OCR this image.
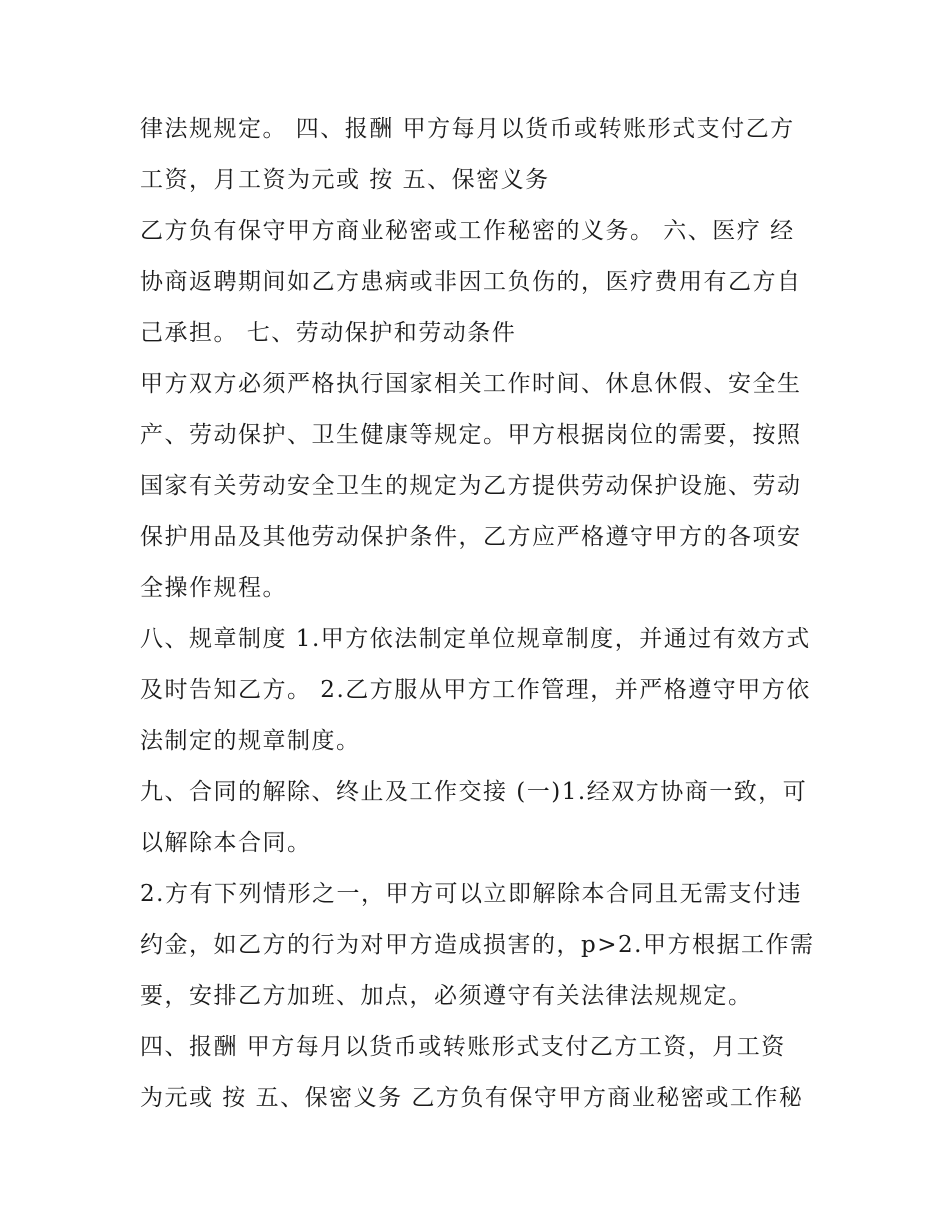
律法规规定。 四、报酬 甲方每月以货币或转账形式支付乙方
工资，月工资为元或 按 五、保密义务
乙方负有保守甲方商业秘密或工作秘密的义务。 六、医疗 经
协商返聘期间如乙方患病或非因工负伤的，医疗费用有乙方自
己承担。 七、劳动保护和劳动条件
甲方双方必须严格执行国家相关工作时间、休息休假、安全生
产、劳动保护、卫生健康等规定。甲方根据岗位的需要，按照
国家有关劳动安全卫生的规定为乙方提供劳动保护设施、劳动
保护用品及其他劳动保护条件，乙方应严格遵守甲方的各项安
全操作规程。
八、规章制度 1.甲方依法制定单位规章制度，并通过有效方式
及时告知乙方。 2.乙方服从甲方工作管理，并严格遵守甲方依
法制定的规章制度。
九、合同的解除、终止及工作交接 (一)1.经双方协商一致，可
以解除本合同。
2.方有下列情形之一，甲方可以立即解除本合同且无需支付违
约金，如乙方的行为对甲方造成损害的，p>2.甲方根据工作需
要，安排乙方加班、加点，必须遵守有关法律法规规定。
四、报酬 甲方每月以货币或转账形式支付乙方工资，月工资
为元或 按 五、保密义务 乙方负有保守甲方商业秘密或工作秘
